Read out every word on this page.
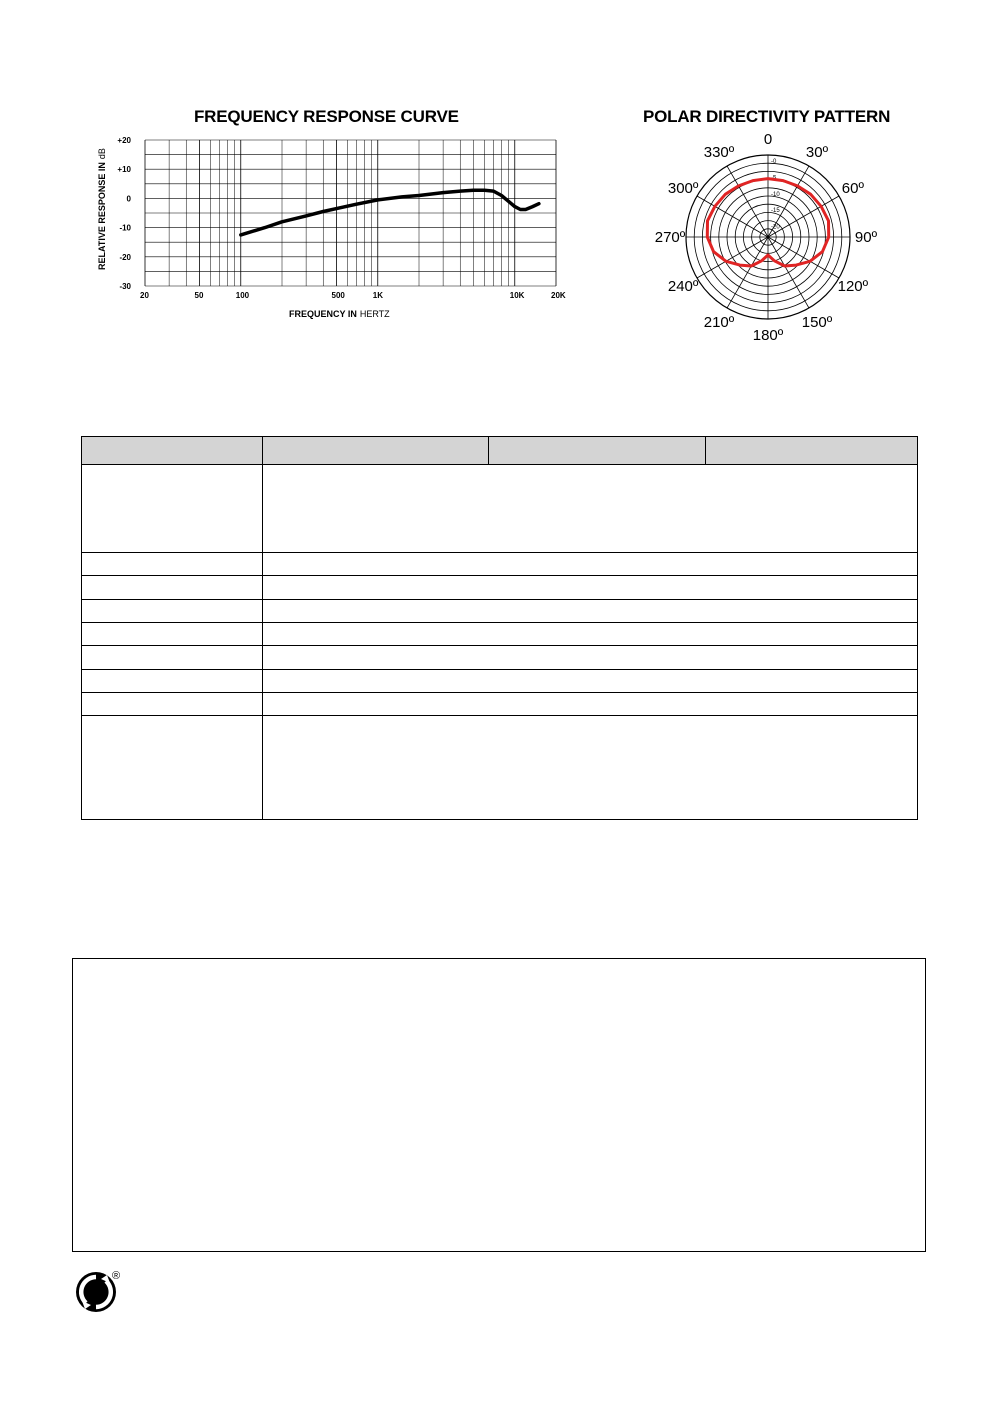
FREQUENCY RESPONSE CURVE
+20
+10
0
-10
-20
-30
20	50	100	500	1K	10K	20K
RELATIVE RESPONSE INdB
FREQUENCY IN HERTZ
POLAR DIRECTIVITY PATTERN
-0
-5
-10
-15
-20
0
30º
60º
90º
120º
150º
180º
210º
240º
270º
300º
330º

®
